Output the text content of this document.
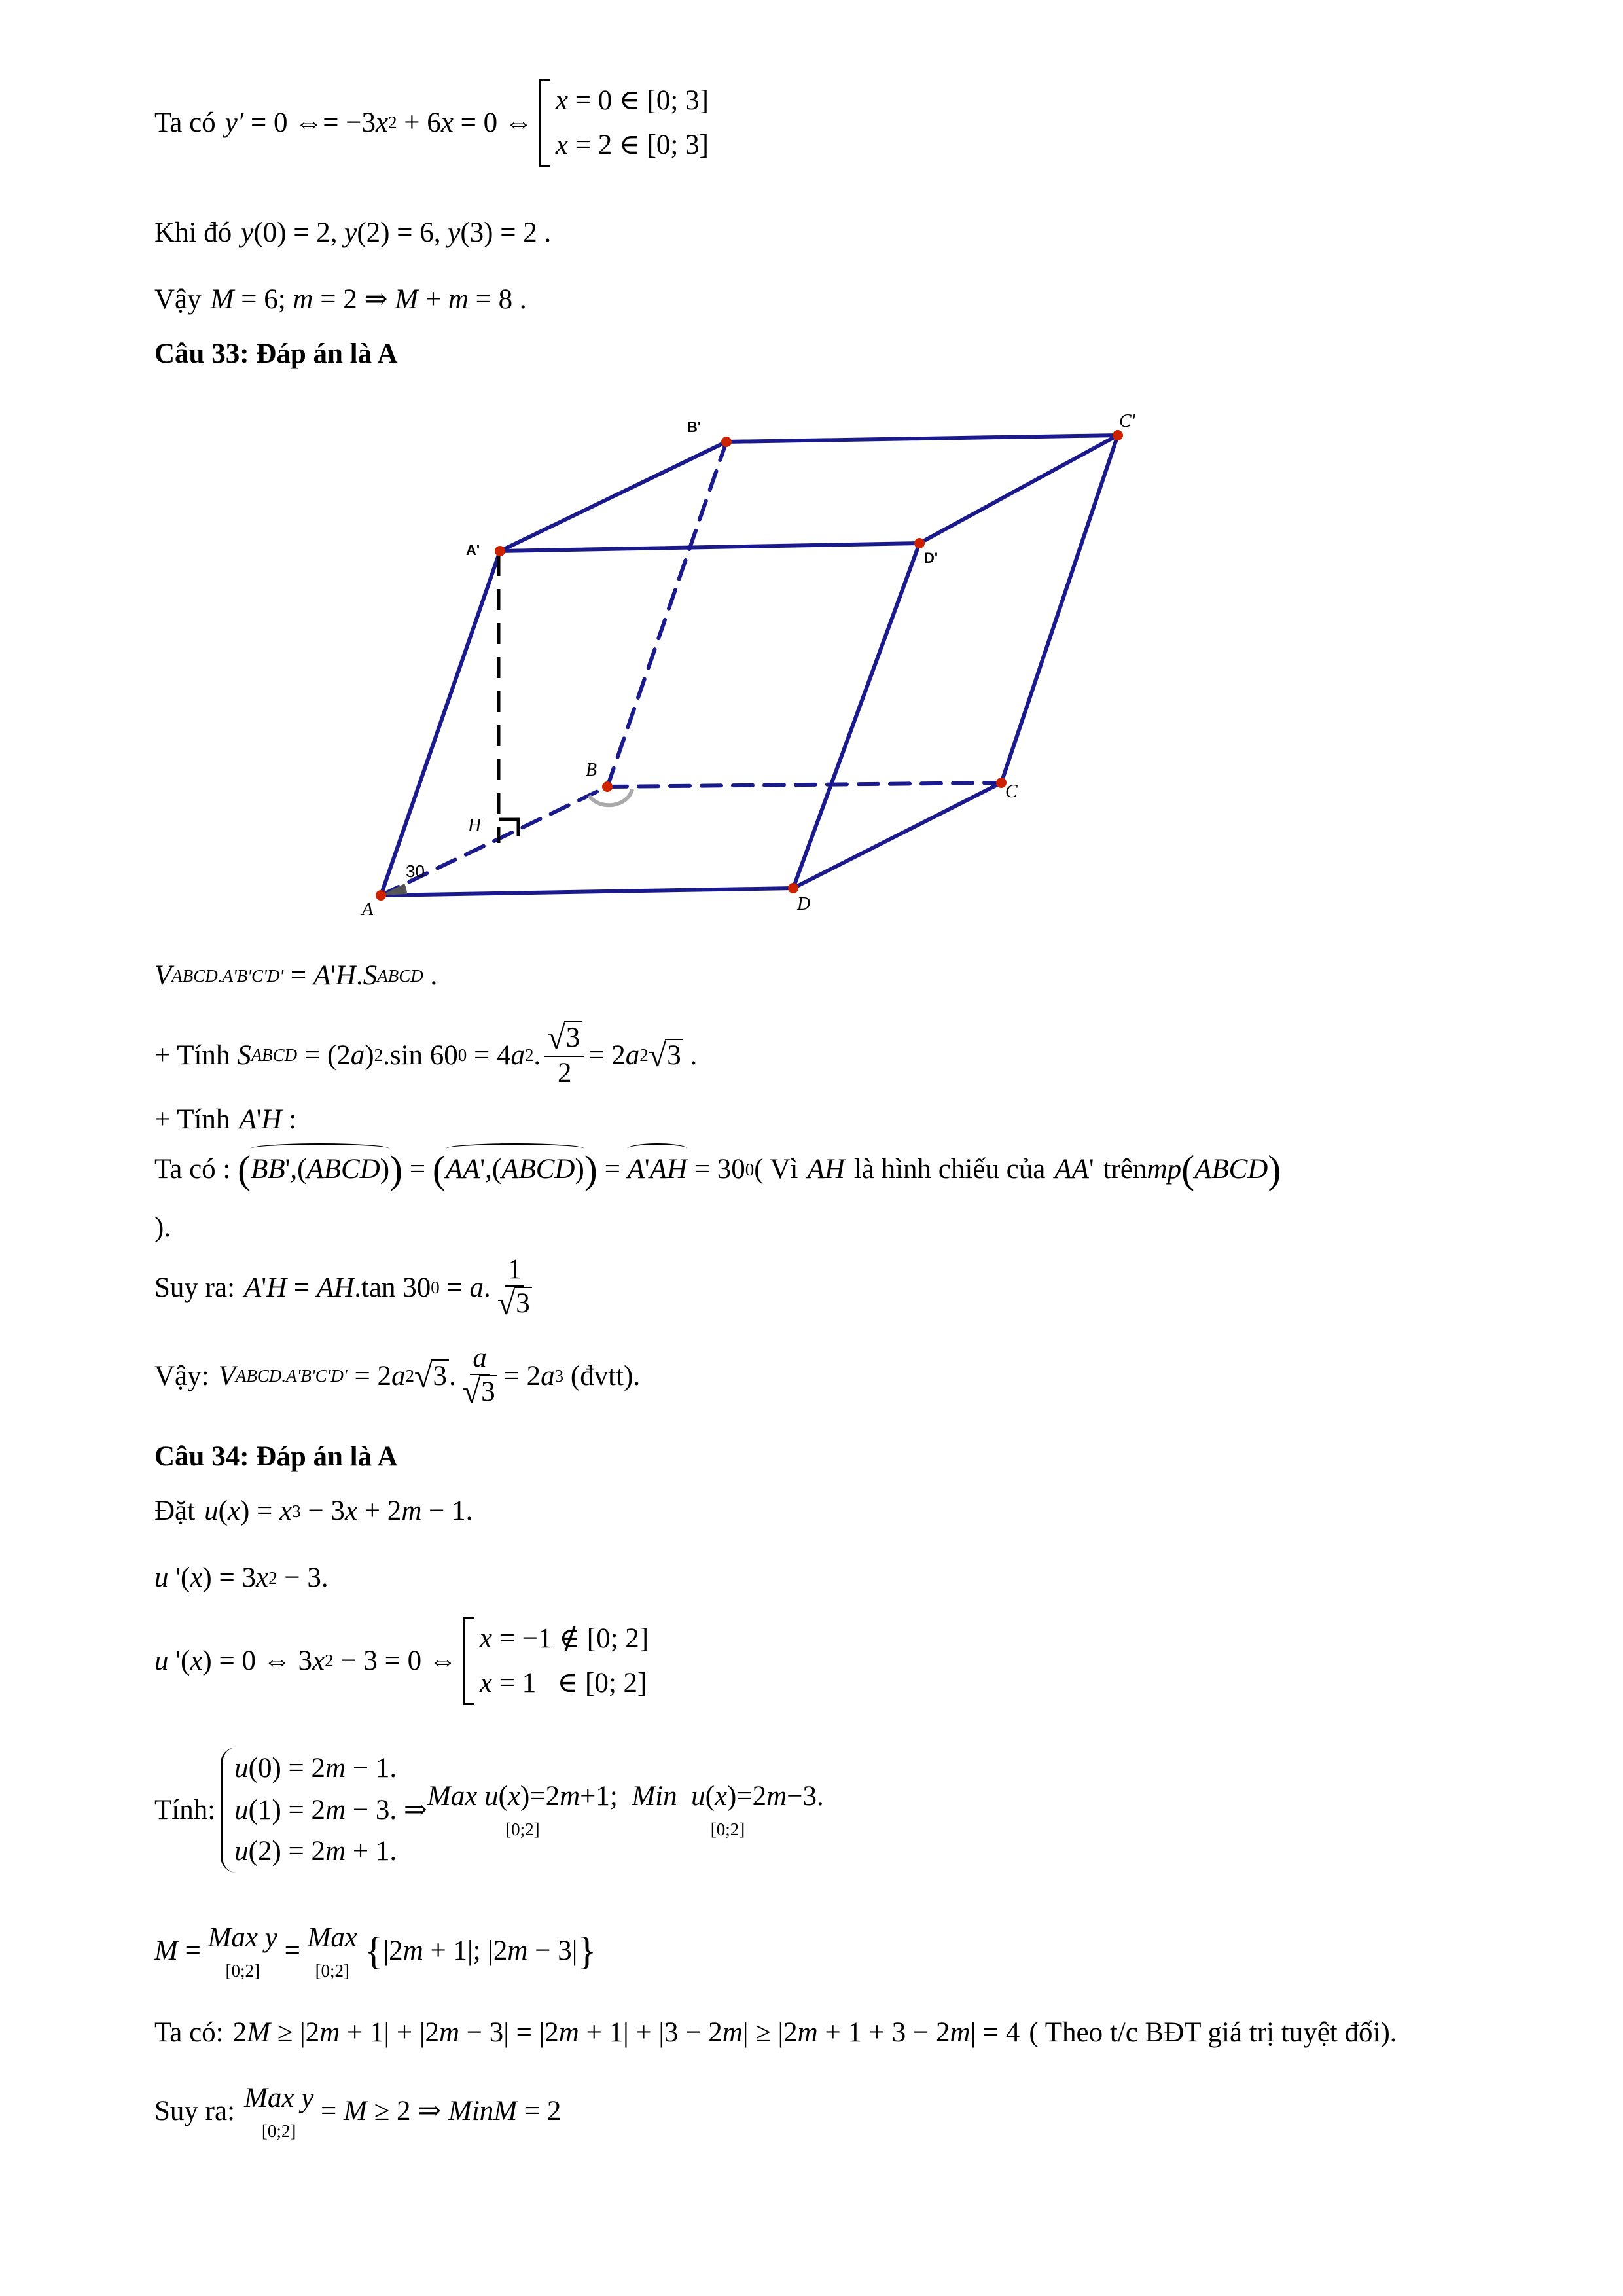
Ta có y′ = 0 ⇔= −3 x 2 + 6 x = 0 ⇔
x = 0 ∈ [0; 3]
x = 2 ∈ [0; 3]
Khi đó y (0) = 2, y (2) = 6, y (3) = 2 .
Vậy M = 6; m = 2 ⇒ M + m = 8 .
Câu 33: Đáp án là A
A	D
C
B
H
30
A'	D'
B'	C'
V ABCD.A'B'C'D' = A ' H . S ABCD .
+ Tính
S ABCD = (2 a ) 2 .sin 60 0 = 4 a 2 . $\frac{√ 3}{2} = 2$ a 2 √ 3 .
+ Tính A ' H :
Ta có :
( BB',(ABCD) ) = ( AA',(ABCD) ) = A'AH = 30 0 ( Vì AH là hình chiếu của AA ' trên mp ( ABCD )
).
Suy ra: A ' H = AH .tan 30 0 = a . $\frac{1}{√ 3}$
Vậy: V ABCD.A'B'C'D' = 2 a 2 √ 3 . $\frac{a}{√ 3} = 2$ a 3
(đvtt).
Câu 34: Đáp án là A
Đặt u ( x ) = x 3 − 3 x + 2 m − 1.
u '( x ) = 3 x 2 − 3.
u '( x ) = 0 ⇔ 3 x 2 − 3 = 0 ⇔
x = −1 ∉ [0; 2]
x = 1   ∈ [0; 2]
Tính:
u(0) = 2m − 1.
u(1) = 2m − 3.
u(2) = 2m + 1.
⇒ Max u(x)=2m+1;
[0;2]

Min u(x)=2m−3.
[0;2]
M = Max y
[0;2]
= Max
[0;2]
{ |2 m + 1|; |2 m − 3| }
Ta có: 2 M ≥ |2 m + 1| + |2 m − 3| = |2 m + 1| + |3 − 2 m | ≥ |2 m + 1 + 3 − 2 m | = 4 ( Theo t/c BĐT giá trị tuyệt đối).
Suy ra: Max y
[0;2]
= M ≥ 2 ⇒ Min M = 2
